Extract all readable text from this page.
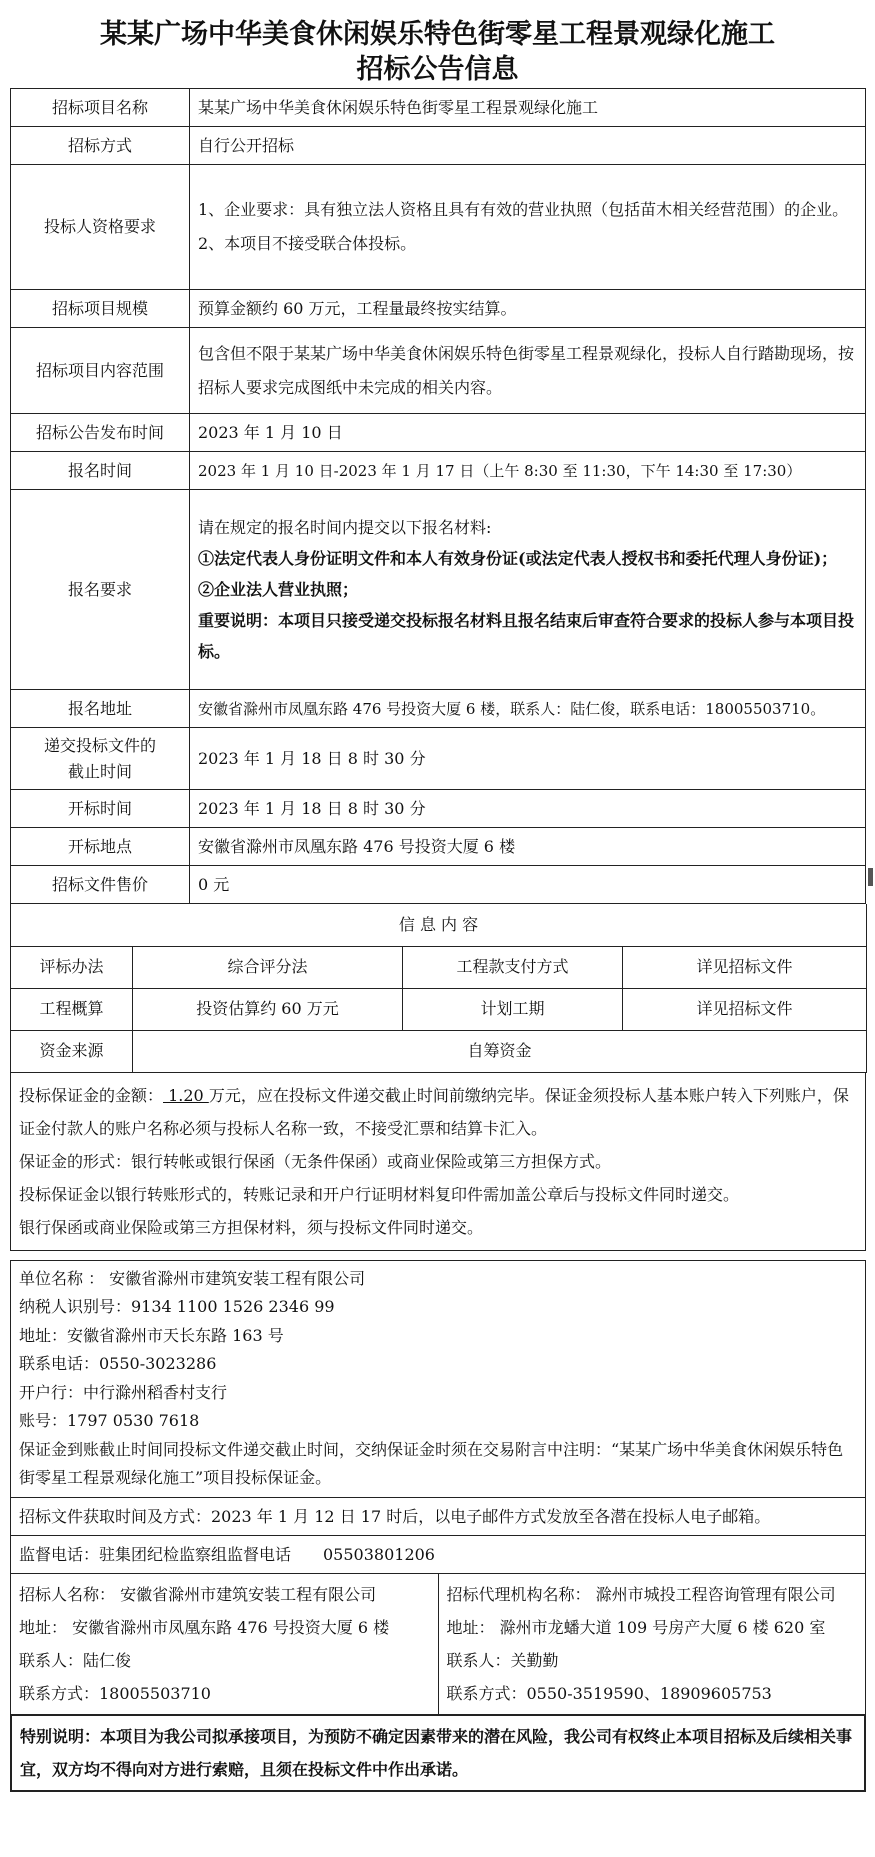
某某广场中华美食休闲娱乐特色街零星工程景观绿化施工
招标公告信息
招标项目名称	某某广场中华美食休闲娱乐特色街零星工程景观绿化施工
招标方式	自行公开招标
投标人资格要求	1、企业要求：具有独立法人资格且具有有效的营业执照（包括苗木相关经营范围）的企业。

2、本项目不接受联合体投标。

招标项目规模	预算金额约 60 万元，工程量最终按实结算。
招标项目内容范围	包含但不限于某某广场中华美食休闲娱乐特色街零星工程景观绿化，投标人自行踏勘现场，按招标人要求完成图纸中未完成的相关内容。
招标公告发布时间	2023 年 1 月 10 日
报名时间	2023 年 1 月 10 日-2023 年 1 月 17 日（上午 8:30 至 11:30，下午 14:30 至 17:30）
报名要求	请在规定的报名时间内提交以下报名材料:

①法定代表人身份证明文件和本人有效身份证(或法定代表人授权书和委托代理人身份证)；

②企业法人营业执照；

重要说明：本项目只接受递交投标报名材料且报名结束后审查符合要求的投标人参与本项目投标。

报名地址	安徽省滁州市凤凰东路 476 号投资大厦 6 楼，联系人：陆仁俊，联系电话：18005503710。

递交投标文件的
截止时间	2023 年 1 月 18 日 8 时 30 分
开标时间	2023 年 1 月 18 日 8 时 30 分
开标地点	安徽省滁州市凤凰东路 476 号投资大厦 6 楼
招标文件售价	0 元
信 息 内 容			
评标办法	综合评分法	工程款支付方式	详见招标文件
工程概算	投资估算约 60 万元	计划工期	详见招标文件
资金来源	自筹资金		

投标保证金的金额： 1.20 万元，应在投标文件递交截止时间前缴纳完毕。保证金须投标人基本账户转入下列账户，保证金付款人的账户名称必须与投标人名称一致，不接受汇票和结算卡汇入。

保证金的形式：银行转帐或银行保函（无条件保函）或商业保险或第三方担保方式。

投标保证金以银行转账形式的，转账记录和开户行证明材料复印件需加盖公章后与投标文件同时递交。

银行保函或商业保险或第三方担保材料，须与投标文件同时递交。

单位名称 ： 安徽省滁州市建筑安装工程有限公司

纳税人识别号：9134 1100 1526 2346 99

地址：安徽省滁州市天长东路 163 号

联系电话：0550-3023286

开户行：中行滁州稻香村支行

账号：1797 0530 7618

保证金到账截止时间同投标文件递交截止时间，交纳保证金时须在交易附言中注明：“某某广场中华美食休闲娱乐特色街零星工程景观绿化施工”项目投标保证金。

招标文件获取时间及方式：2023 年 1 月 12 日 17 时后，以电子邮件方式发放至各潜在投标人电子邮箱。
监督电话：驻集团纪检监察组监督电话　　05503801206

招标人名称： 安徽省滁州市建筑安装工程有限公司

地址： 安徽省滁州市凤凰东路 476 号投资大厦 6 楼

联系人：陆仁俊

联系方式：18005503710

招标代理机构名称： 滁州市城投工程咨询管理有限公司

地址： 滁州市龙蟠大道 109 号房产大厦 6 楼 620 室

联系人：关勤勤

联系方式：0550-3519590、18909605753

特别说明：本项目为我公司拟承接项目，为预防不确定因素带来的潜在风险，我公司有权终止本项目招标及后续相关事宜，双方均不得向对方进行索赔，且须在投标文件中作出承诺。
